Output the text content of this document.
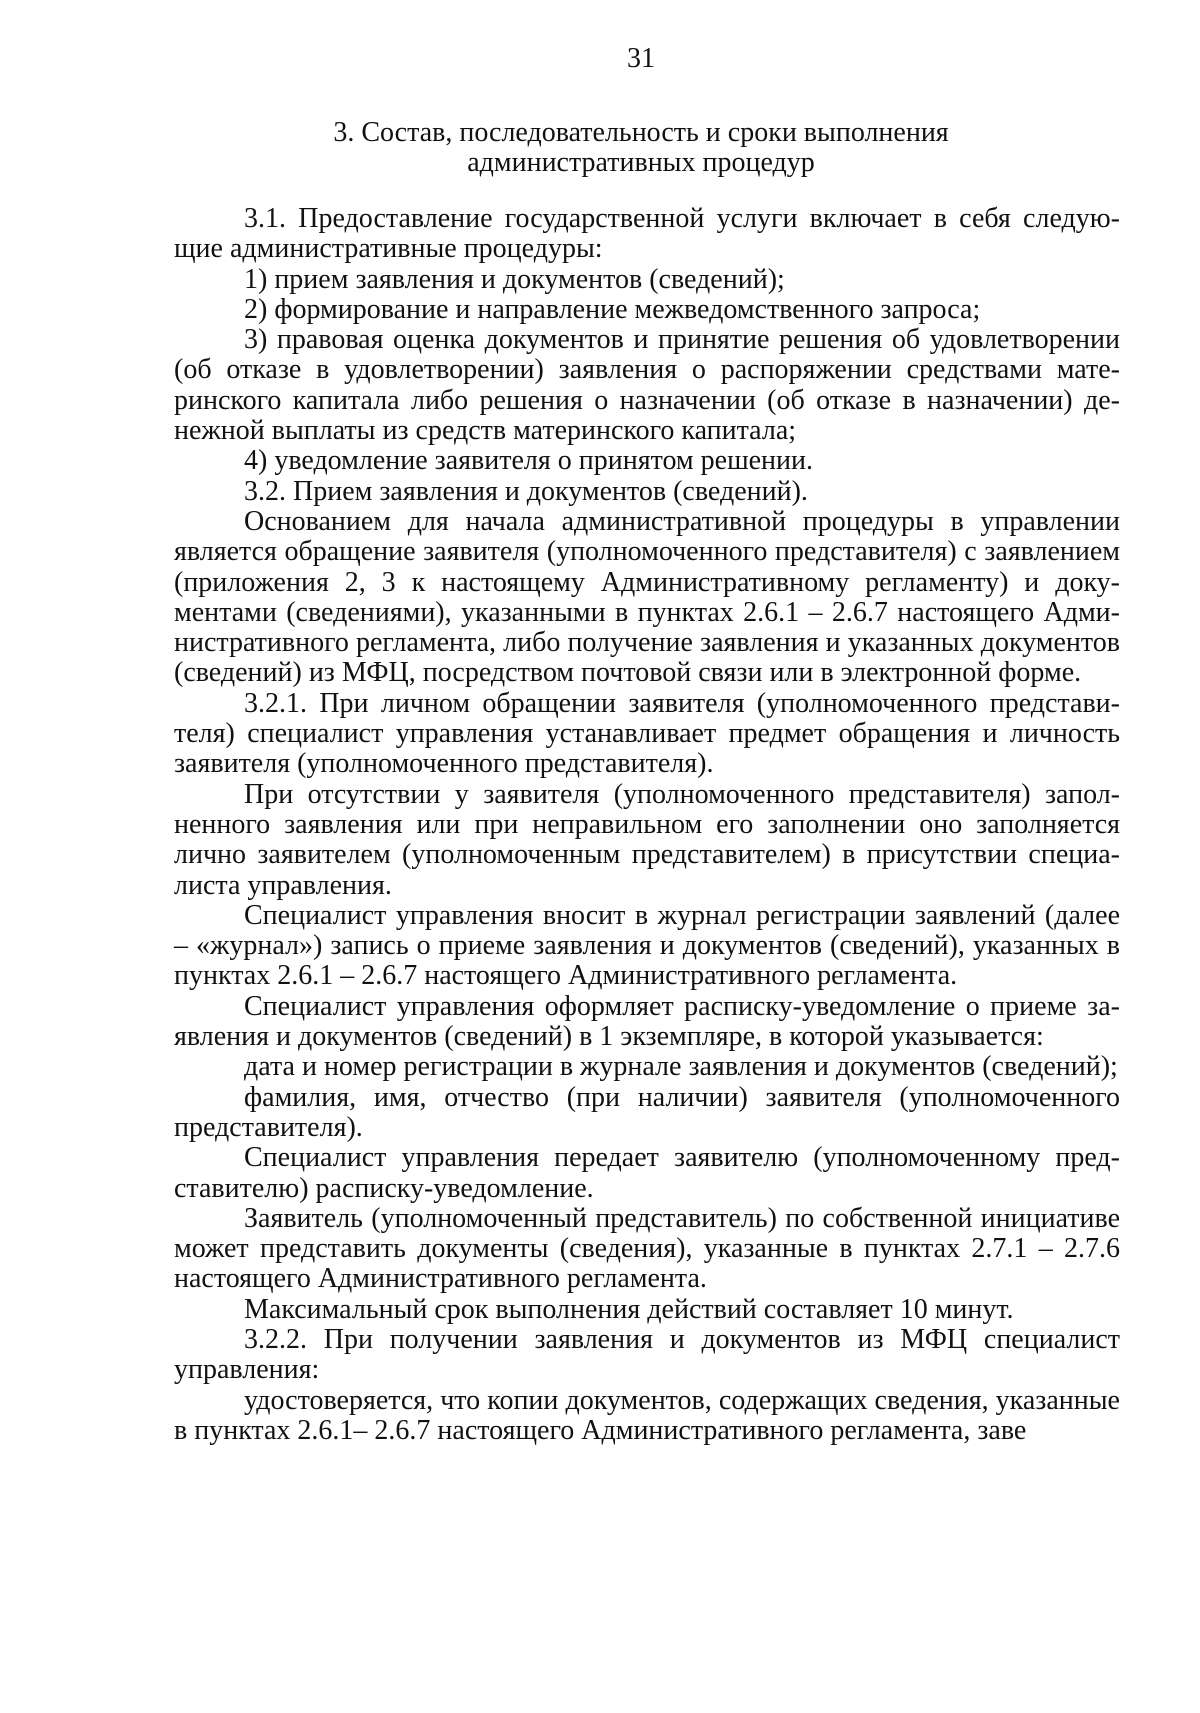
31
3. Состав, последовательность и сроки выполнения
административных процедур

3.1. Предоставление государственной услуги включает в себя следующие административные процедуры:

1) прием заявления и документов (сведений);

2) формирование и направление межведомственного запроса;

3) правовая оценка документов и принятие решения об удовлетворении (об отказе в удовлетворении) заявления о распоряжении средствами материнского капитала либо решения о назначении (об отказе в назначении) денежной выплаты из средств материнского капитала;

4) уведомление заявителя о принятом решении.

3.2. Прием заявления и документов (сведений).

Основанием для начала административной процедуры в управлении является обращение заявителя (уполномоченного представителя) с заявлением (приложения 2, 3 к настоящему Административному регламенту) и документами (сведениями), указанными в пунктах 2.6.1 – 2.6.7 настоящего Административного регламента, либо получение заявления и указанных документов (сведений) из МФЦ, посредством почтовой связи или в электронной форме.

3.2.1. При личном обращении заявителя (уполномоченного представителя) специалист управления устанавливает предмет обращения и личность заявителя (уполномоченного представителя).

При отсутствии у заявителя (уполномоченного представителя) заполненного заявления или при неправильном его заполнении оно заполняется лично заявителем (уполномоченным представителем) в присутствии специалиста управления.

Специалист управления вносит в журнал регистрации заявлений (далее – «журнал») запись о приеме заявления и документов (сведений), указанных в пунктах 2.6.1 – 2.6.7 настоящего Административного регламента.

Специалист управления оформляет расписку-уведомление о приеме заявления и документов (сведений) в 1 экземпляре, в которой указывается:

дата и номер регистрации в журнале заявления и документов (сведений);

фамилия, имя, отчество (при наличии) заявителя (уполномоченного представителя).

Специалист управления передает заявителю (уполномоченному представителю) расписку-уведомление.

Заявитель (уполномоченный представитель) по собственной инициативе может представить документы (сведения), указанные в пунктах 2.7.1 – 2.7.6 настоящего Административного регламента.

Максимальный срок выполнения действий составляет 10 минут.

3.2.2. При получении заявления и документов из МФЦ специалист управления:

удостоверяется, что копии документов, содержащих сведения, указанные в пунктах 2.6.1– 2.6.7 настоящего Административного регламента, заве
